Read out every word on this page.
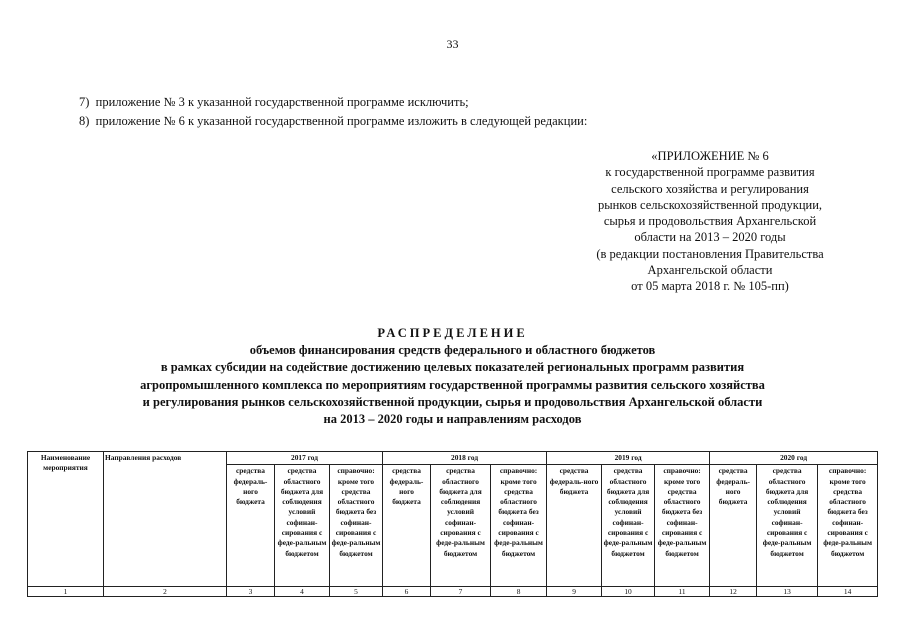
33
7)  приложение № 3 к указанной государственной программе исключить;
8)  приложение № 6 к указанной государственной программе изложить в следующей редакции:
«ПРИЛОЖЕНИЕ № 6
к государственной программе развития
сельского хозяйства и регулирования
рынков сельскохозяйственной продукции,
сырья и продовольствия Архангельской
области на 2013 – 2020 годы
(в редакции постановления Правительства
Архангельской области
от 05 марта 2018 г. № 105-пп)
РАСПРЕДЕЛЕНИЕ
объемов финансирования средств федерального и областного бюджетов
в рамках субсидии на содействие достижению целевых показателей региональных программ развития
агропромышленного комплекса по мероприятиям государственной программы развития сельского хозяйства
и регулирования рынков сельскохозяйственной продукции, сырья и продовольствия Архангельской области
на 2013 – 2020 годы и направлениям расходов
Наименование мероприятия	Направления расходов	2017 год			2018 год			2019 год			2020 год		
		средства федераль-ного бюджета	средства областного бюджета для соблюдения условий софинан-сирования с феде-ральным бюджетом	справочно: кроме того средства областного бюджета без софинан-сирования с феде-ральным бюджетом	средства федераль-ного бюджета	средства областного бюджета для соблюдения условий софинан-сирования с феде-ральным бюджетом	справочно: кроме того средства областного бюджета без софинан-сирования с феде-ральным бюджетом	средства федераль-ного бюджета	средства областного бюджета для соблюдения условий софинан-сирования с феде-ральным бюджетом	справочно: кроме того средства областного бюджета без софинан-сирования с феде-ральным бюджетом	средства федераль-ного бюджета	средства областного бюджета для соблюдения условий софинан-сирования с феде-ральным бюджетом	справочно: кроме того средства областного бюджета без софинан-сирования с феде-ральным бюджетом
1	2	3	4	5	6	7	8	9	10	11	12	13	14
